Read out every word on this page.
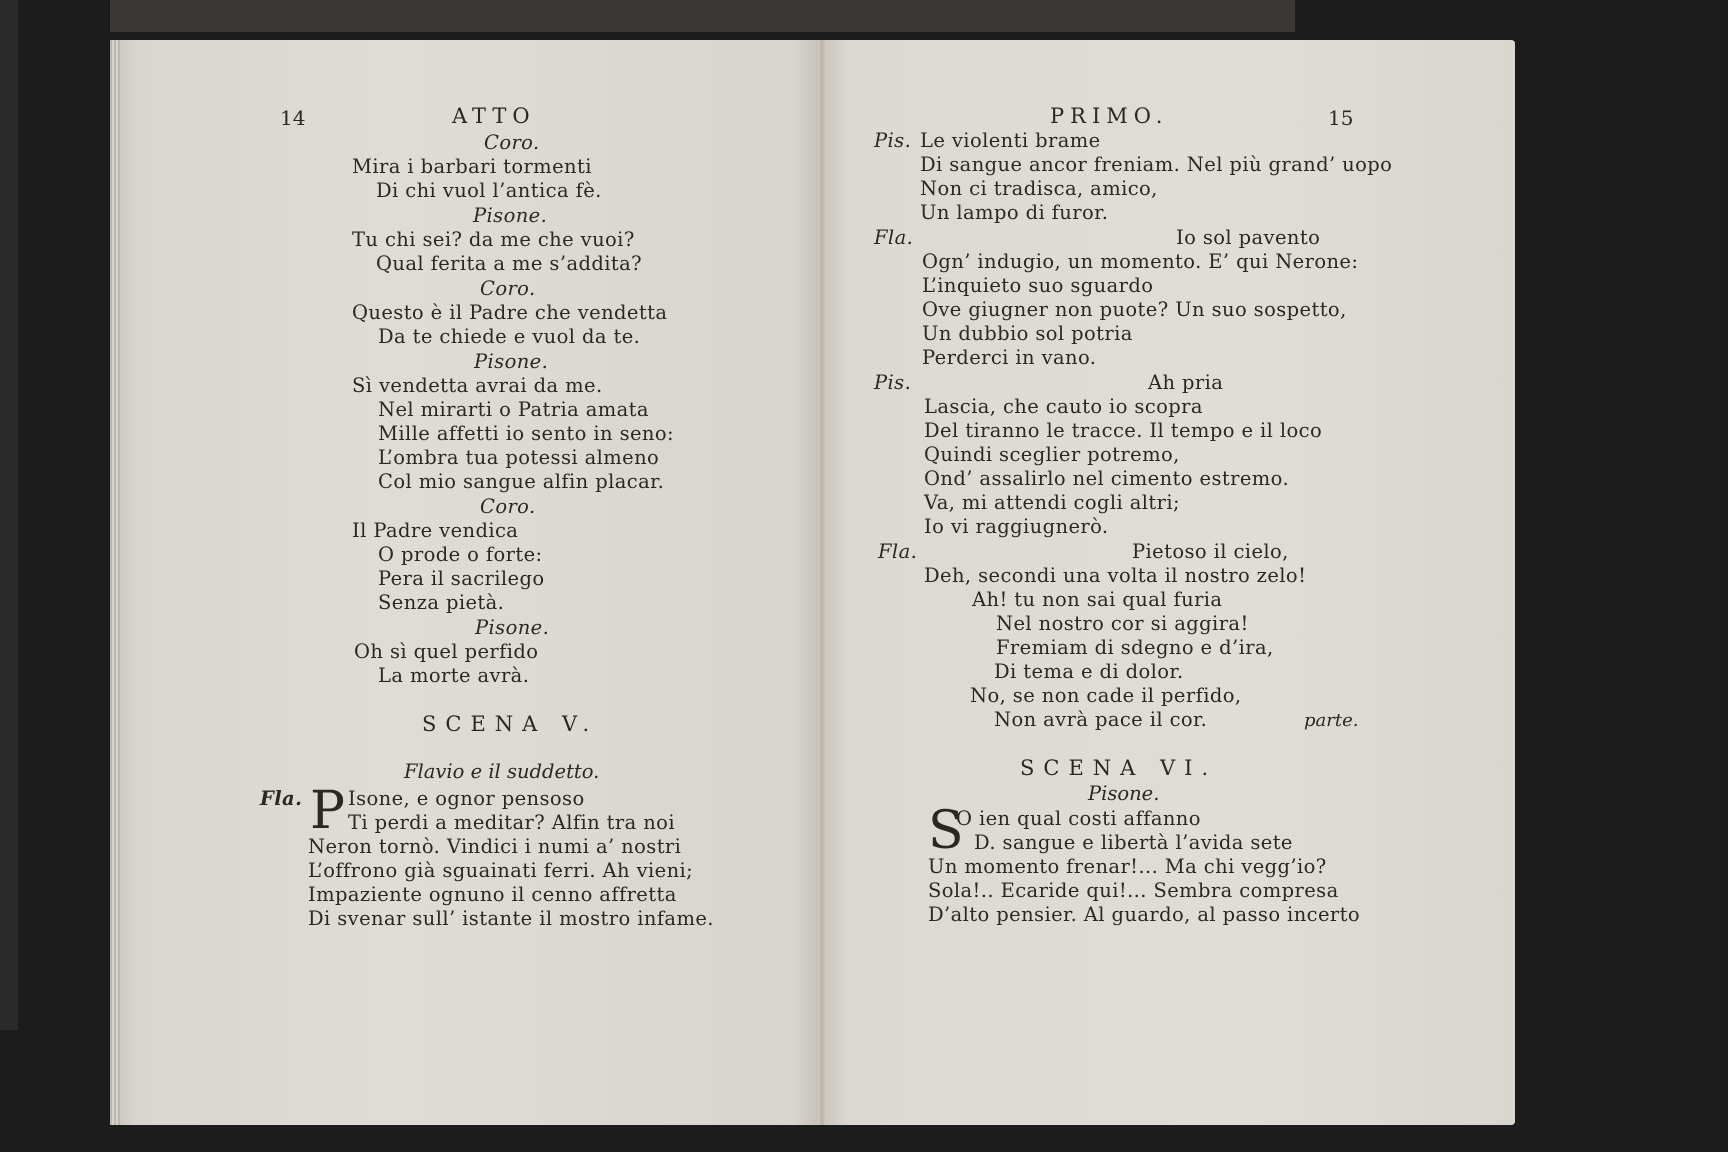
14	ATTO
Coro.
Mira i barbari tormenti
Di chi vuol l’antica fè.
Pisone.
Tu chi sei? da me che vuoi?
Qual ferita a me s’addita?
Coro.
Questo è il Padre che vendetta
Da te chiede e vuol da te.
Pisone.
Sì vendetta avrai da me.
Nel mirarti o Patria amata
Mille affetti io sento in seno:
L’ombra tua potessi almeno
Col mio sangue alfin placar.
Coro.
Il Padre vendica
O prode o forte:
Pera il sacrilego
Senza pietà.
Pisone.
Oh sì quel perfido
La morte avrà.
SCENA V.
Flavio e il suddetto.
Fla. P Isone, e ognor pensoso
Ti perdi a meditar? Alfin tra noi
Neron tornò. Vindici i numi a’ nostri
L’offrono già sguainati ferri. Ah vieni;
Impaziente ognuno il cenno affretta
Di svenar sull’ istante il mostro infame.
PRIMO.	15
Pis. Le violenti brame
Di sangue ancor freniam. Nel più grand’ uopo
Non ci tradisca, amico,
Un lampo di furor.
Fla.	Io sol pavento
Ogn’ indugio, un momento. E’ qui Nerone:
L’inquieto suo sguardo
Ove giugner non puote? Un suo sospetto,
Un dubbio sol potria
Perderci in vano.
Pis.	Ah pria
Lascia, che cauto io scopra
Del tiranno le tracce. Il tempo e il loco
Quindi sceglier potremo,
Ond’ assalirlo nel cimento estremo.
Va, mi attendi cogli altri;
Io vi raggiugnerò.
Fla.	Pietoso il cielo,
Deh, secondi una volta il nostro zelo!
Ah! tu non sai qual furia
Nel nostro cor si aggira!
Fremiam di sdegno e d’ira,
Di tema e di dolor.
No, se non cade il perfido,
Non avrà pace il cor.	parte.
SCENA VI.
Pisone.
S
O ien qual costi affanno
D. sangue e libertà l’avida sete
Un momento frenar!... Ma chi vegg’io?
Sola!.. Ecaride qui!... Sembra compresa
D’alto pensier. Al guardo, al passo incerto
